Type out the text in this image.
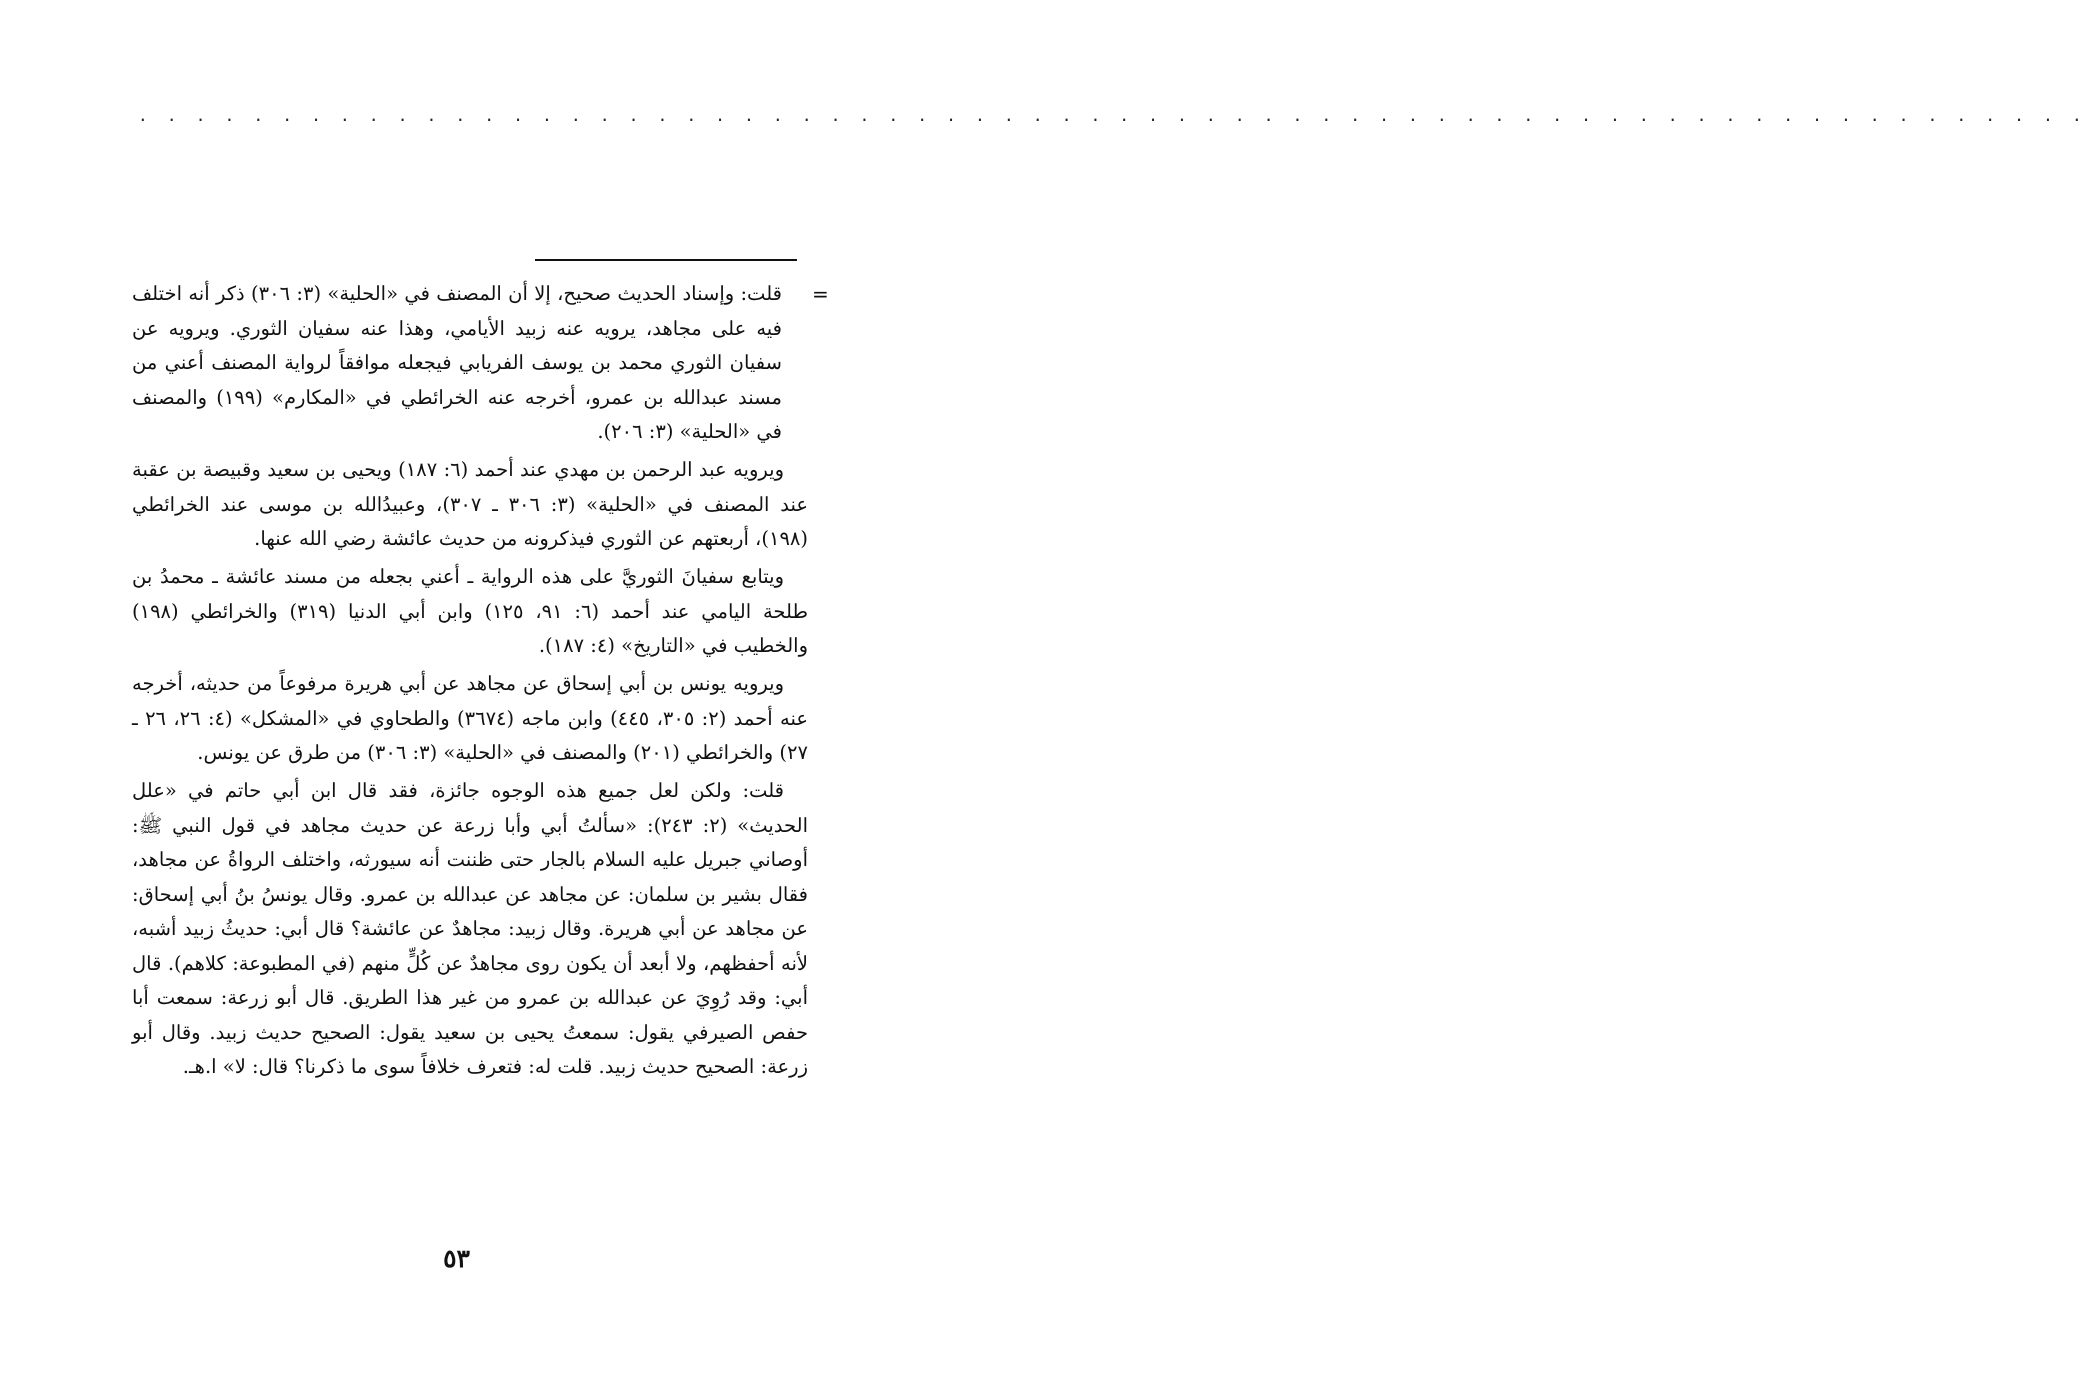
. . . . . . . . . . . . . . . . . . . . . . . . . . . . . . . . . . . . . . . . . . . . . . . . . . . . . . . . . . . . . . . . . . . .
=

قلت: وإسناد الحديث صحيح، إلا أن المصنف في «الحلية» (٣: ٣٠٦) ذكر أنه اختلف فيه على مجاهد، يرويه عنه زبيد الأيامي، وهذا عنه سفيان الثوري. ويرويه عن سفيان الثوري محمد بن يوسف الفريابي فيجعله موافقاً لرواية المصنف أعني من مسند عبدالله بن عمرو، أخرجه عنه الخرائطي في «المكارم» (١٩٩) والمصنف في «الحلية» (٣: ٢٠٦).

ويرويه عبد الرحمن بن مهدي عند أحمد (٦: ١٨٧) ويحيى بن سعيد وقبيصة بن عقبة عند المصنف في «الحلية» (٣: ٣٠٦ ـ ٣٠٧)، وعبيدُالله بن موسى عند الخرائطي (١٩٨)، أربعتهم عن الثوري فيذكرونه من حديث عائشة رضي الله عنها.

ويتابع سفيانَ الثوريَّ على هذه الرواية ـ أعني بجعله من مسند عائشة ـ محمدُ بن طلحة اليامي عند أحمد (٦: ٩١، ١٢٥) وابن أبي الدنيا (٣١٩) والخرائطي (١٩٨) والخطيب في «التاريخ» (٤: ١٨٧).

ويرويه يونس بن أبي إسحاق عن مجاهد عن أبي هريرة مرفوعاً من حديثه، أخرجه عنه أحمد (٢: ٣٠٥، ٤٤٥) وابن ماجه (٣٦٧٤) والطحاوي في «المشكل» (٤: ٢٦، ٢٦ ـ ٢٧) والخرائطي (٢٠١) والمصنف في «الحلية» (٣: ٣٠٦) من طرق عن يونس.

قلت: ولكن لعل جميع هذه الوجوه جائزة، فقد قال ابن أبي حاتم في «علل الحديث» (٢: ٢٤٣): «سألتُ أبي وأبا زرعة عن حديث مجاهد في قول النبي ﷺ: أوصاني جبريل عليه السلام بالجار حتى ظننت أنه سيورثه، واختلف الرواةُ عن مجاهد، فقال بشير بن سلمان: عن مجاهد عن عبدالله بن عمرو. وقال يونسُ بنُ أبي إسحاق: عن مجاهد عن أبي هريرة. وقال زبيد: مجاهدٌ عن عائشة؟ قال أبي: حديثُ زبيد أشبه، لأنه أحفظهم، ولا أبعد أن يكون روى مجاهدٌ عن كُلٍّ منهم (في المطبوعة: كلاهم). قال أبي: وقد رُوِيَ عن عبدالله بن عمرو من غير هذا الطريق. قال أبو زرعة: سمعت أبا حفص الصيرفي يقول: سمعتُ يحيى بن سعيد يقول: الصحيح حديث زبيد. وقال أبو زرعة: الصحيح حديث زبيد. قلت له: فتعرف خلافاً سوى ما ذكرنا؟ قال: لا» ا.هـ.

٥٣
